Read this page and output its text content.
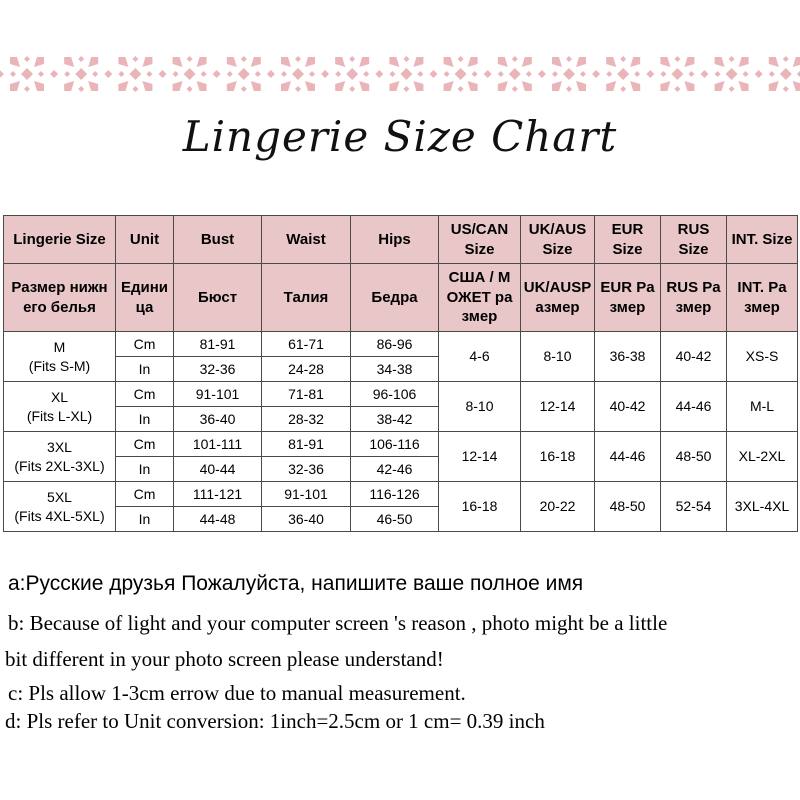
Lingerie Size Chart
Lingerie Size	Unit	Bust	Waist	Hips	US/CAN Size	UK/AUS Size	EUR Size	RUS Size	INT. Size
Размер нижн его белья	Едини ца	Бюст	Талия	Бедра	США / М ОЖЕТ ра змер	UK/AUSP азмер	EUR Pa змер	RUS Pa змер	INT. Pa змер

M
(Fits S-M)	Cm	81-91	61-71	86-96	4-6	8-10	36-38	40-42	XS-S
	In	32-36	24-28	34-38					

XL
(Fits L-XL)	Cm	91-101	71-81	96-106	8-10	12-14	40-42	44-46	M-L
	In	36-40	28-32	38-42					

3XL
(Fits 2XL-3XL)	Cm	101-111	81-91	106-116	12-14	16-18	44-46	48-50	XL-2XL
	In	40-44	32-36	42-46					

5XL
(Fits 4XL-5XL)	Cm	111-121	91-101	116-126	16-18	20-22	48-50	52-54	3XL-4XL
	In	44-48	36-40	46-50					
a:Русские друзья Пожалуйста, напишите ваше полное имя
b: Because of light and your computer screen 's reason , photo might be a little
bit different in your photo screen please understand!
c: Pls allow 1-3cm errow due to manual measurement.
d: Pls refer to Unit conversion: 1inch=2.5cm or 1 cm= 0.39 inch
